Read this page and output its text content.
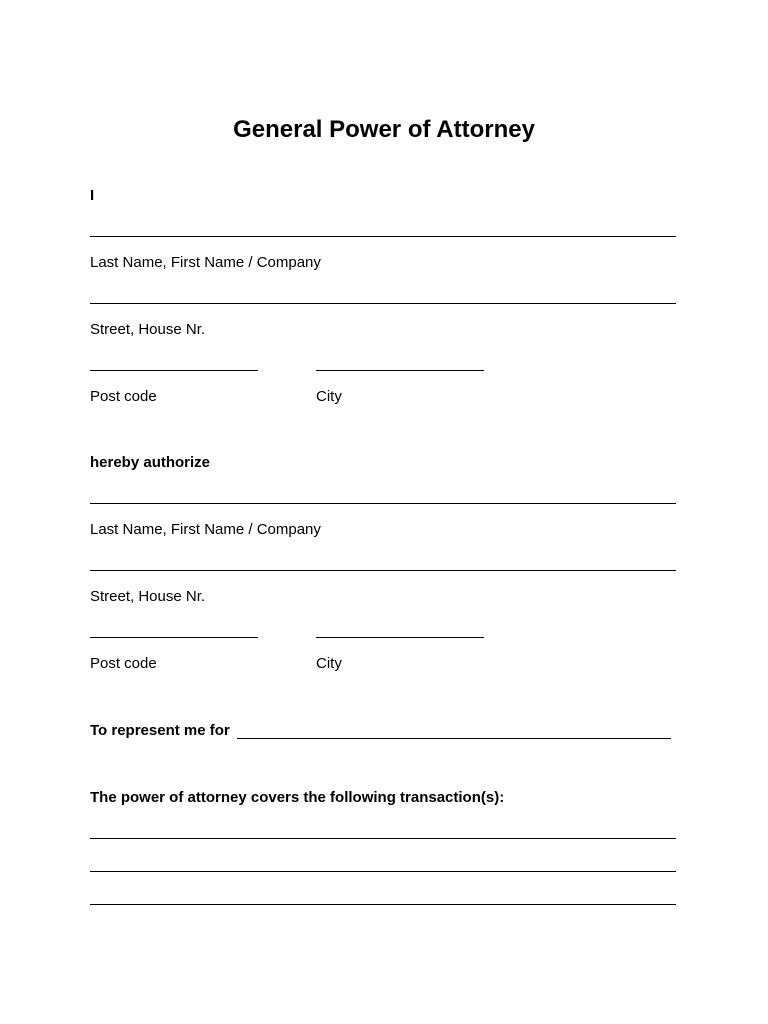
General Power of Attorney
I
Last Name, First Name / Company
Street, House Nr.
Post code	City
hereby authorize
Last Name, First Name / Company
Street, House Nr.
Post code	City
To represent me for
The power of attorney covers the following transaction(s):
